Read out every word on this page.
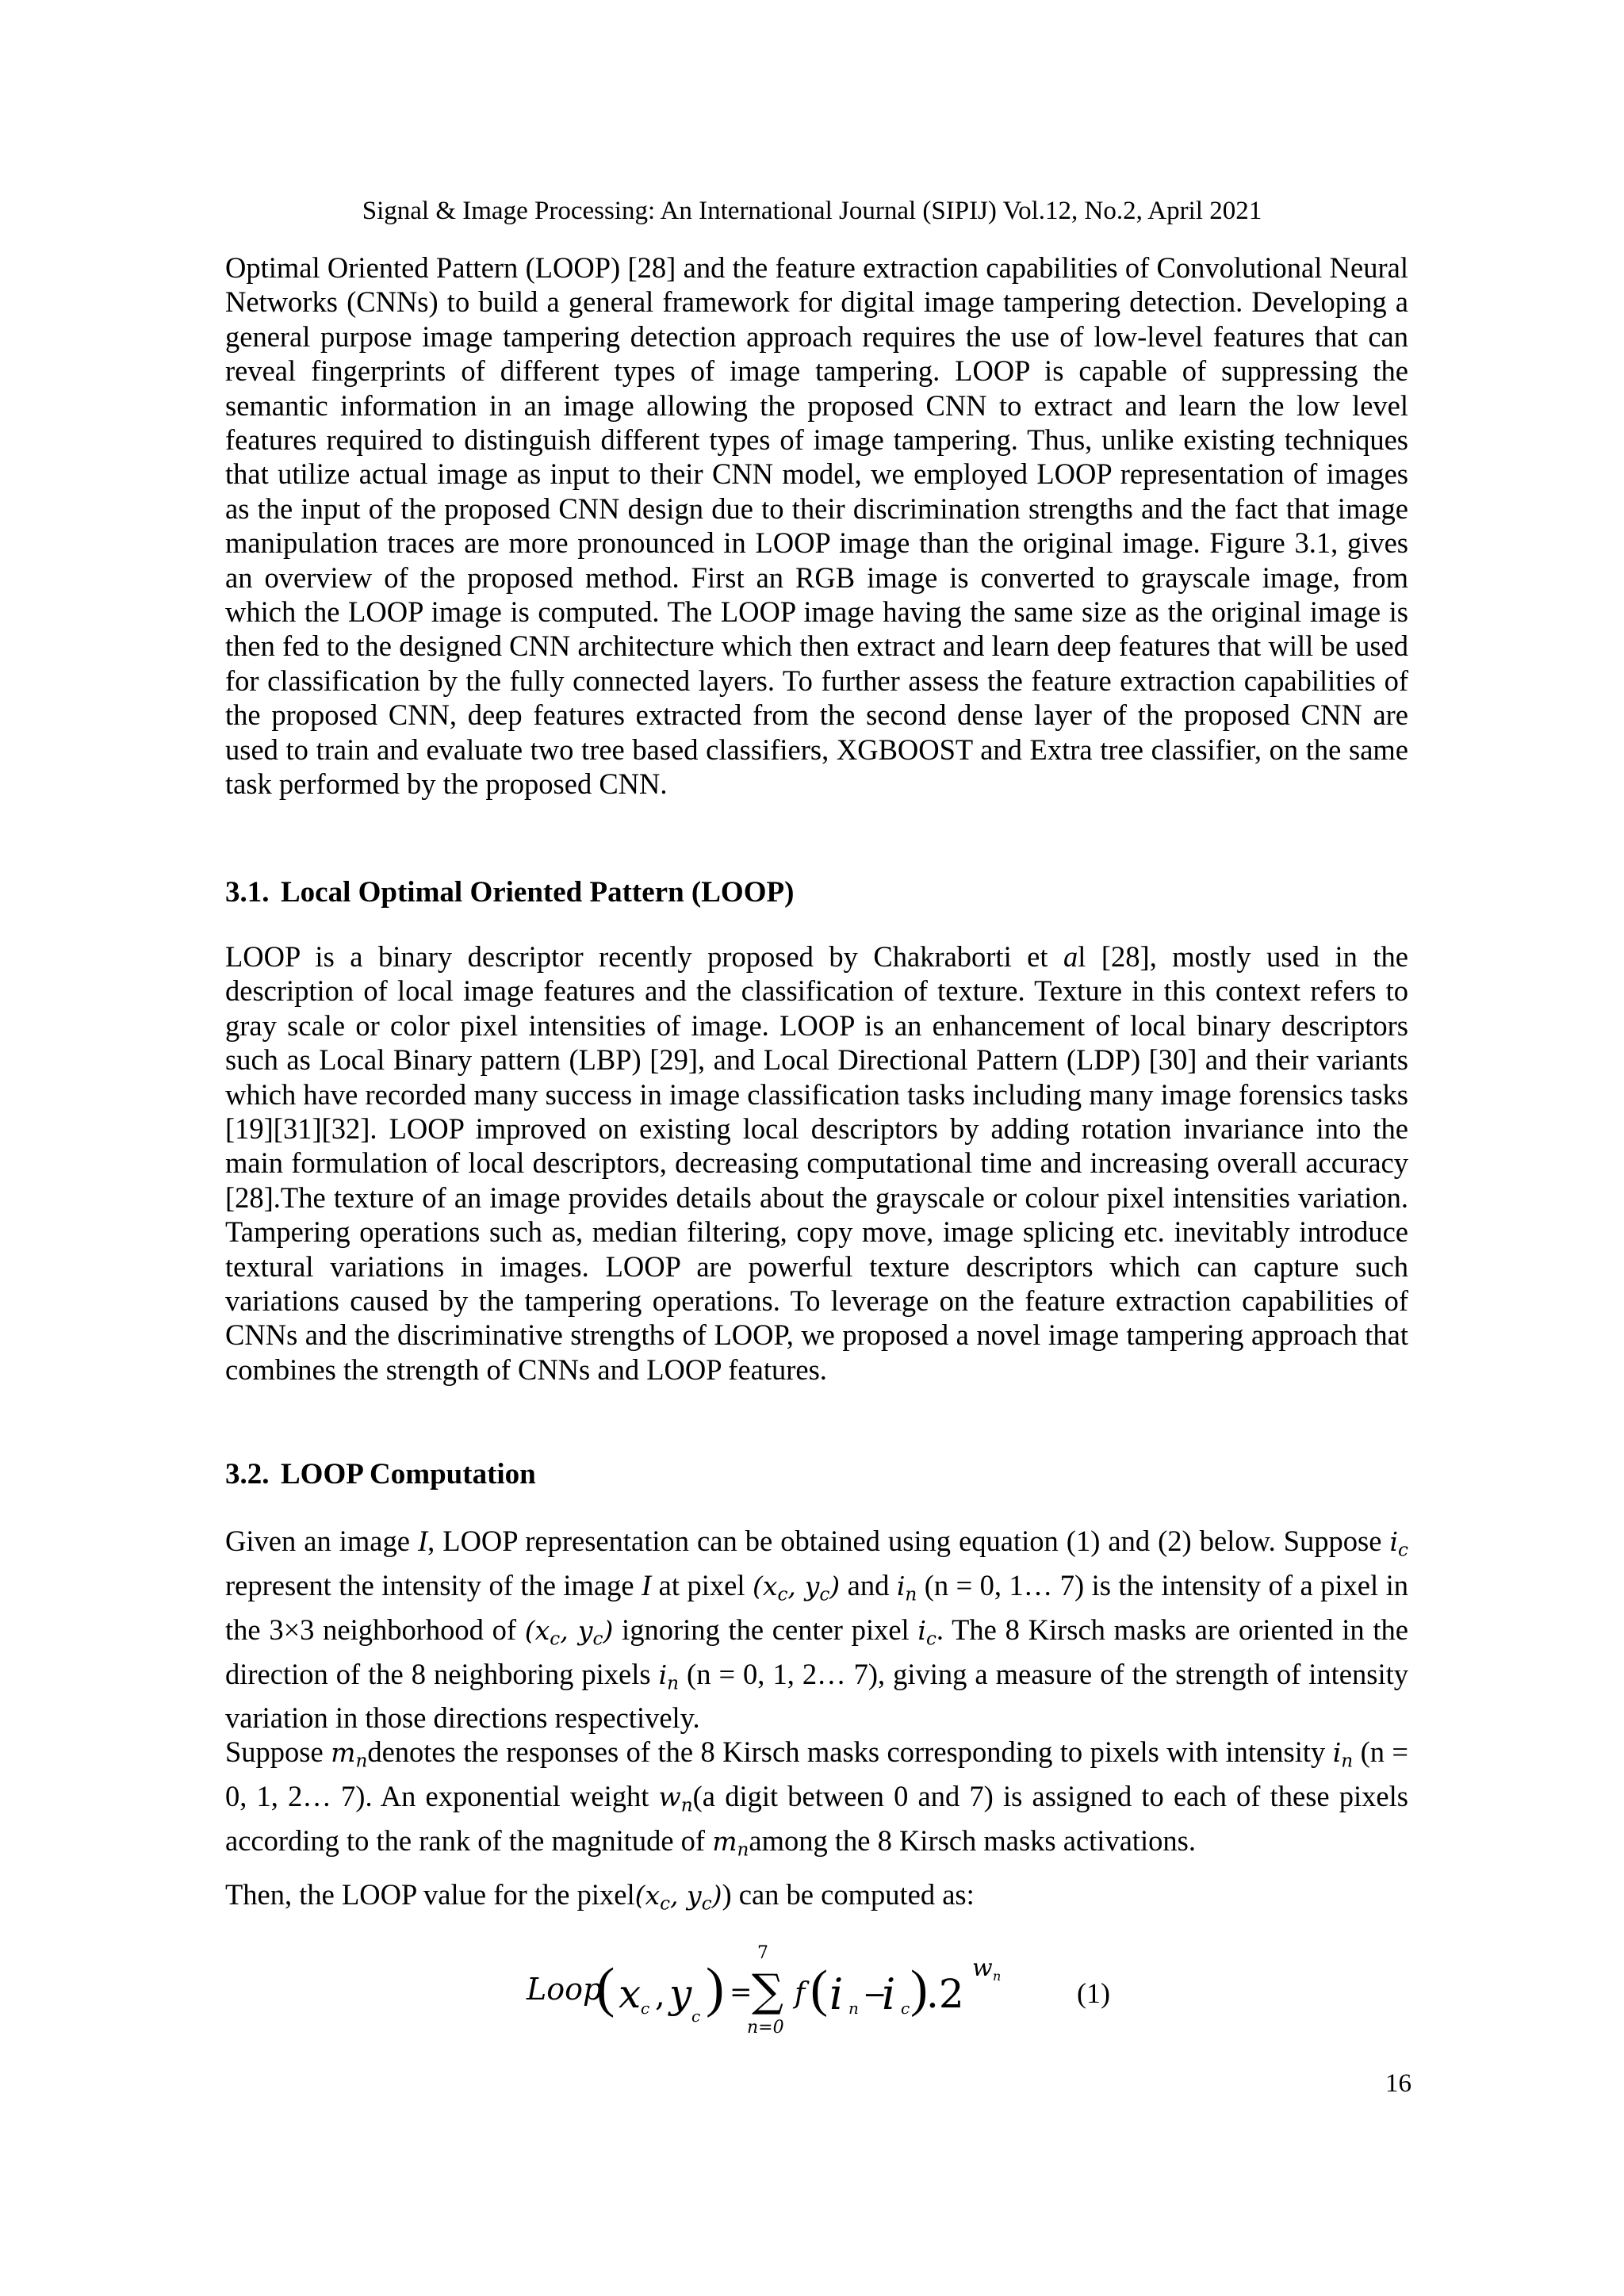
Signal & Image Processing: An International Journal (SIPIJ) Vol.12, No.2, April 2021

Optimal Oriented Pattern (LOOP) [28] and the feature extraction capabilities of Convolutional Neural Networks (CNNs) to build a general framework for digital image tampering detection. Developing a general purpose image tampering detection approach requires the use of low-level features that can reveal fingerprints of different types of image tampering. LOOP is capable of suppressing the semantic information in an image allowing the proposed CNN to extract and learn the low level features required to distinguish different types of image tampering. Thus, unlike existing techniques that utilize actual image as input to their CNN model, we employed LOOP representation of images as the input of the proposed CNN design due to their discrimination strengths and the fact that image manipulation traces are more pronounced in LOOP image than the original image. Figure 3.1, gives an overview of the proposed method. First an RGB image is converted to grayscale image, from which the LOOP image is computed. The LOOP image having the same size as the original image is then fed to the designed CNN architecture which then extract and learn deep features that will be used for classification by the fully connected layers. To further assess the feature extraction capabilities of the proposed CNN, deep features extracted from the second dense layer of the proposed CNN are used to train and evaluate two tree based classifiers, XGBOOST and Extra tree classifier, on the same task performed by the proposed CNN.

3.1. Local Optimal Oriented Pattern (LOOP)

LOOP is a binary descriptor recently proposed by Chakraborti et al [28], mostly used in the description of local image features and the classification of texture. Texture in this context refers to gray scale or color pixel intensities of image. LOOP is an enhancement of local binary descriptors such as Local Binary pattern (LBP) [29], and Local Directional Pattern (LDP) [30] and their variants which have recorded many success in image classification tasks including many image forensics tasks [19][31][32]. LOOP improved on existing local descriptors by adding rotation invariance into the main formulation of local descriptors, decreasing computational time and increasing overall accuracy [28].The texture of an image provides details about the grayscale or colour pixel intensities variation. Tampering operations such as, median filtering, copy move, image splicing etc. inevitably introduce textural variations in images. LOOP are powerful texture descriptors which can capture such variations caused by the tampering operations. To leverage on the feature extraction capabilities of CNNs and the discriminative strengths of LOOP, we proposed a novel image tampering approach that combines the strength of CNNs and LOOP features.

3.2. LOOP Computation

Given an image I, LOOP representation can be obtained using equation (1) and (2) below. Suppose $i_c$ represent the intensity of the image I at pixel ($x_c$, $y_c$) and $i_n$ (n = 0, 1… 7) is the intensity of a pixel in the 3×3 neighborhood of ($x_c$, $y_c$) ignoring the center pixel $i_c$. The 8 Kirsch masks are oriented in the direction of the 8 neighboring pixels $i_n$ (n = 0, 1, 2… 7), giving a measure of the strength of intensity variation in those directions respectively.

Suppose $m_ndenotes$ the responses of the 8 Kirsch masks corresponding to pixels with intensity $i_n$ (n = 0, 1, 2… 7). An exponential weight $w_n(a$ digit between 0 and 7) is assigned to each of these pixels according to the rank of the magnitude of $m_namong$ the 8 Kirsch masks activations.

Then, the LOOP value for the $pixel(x_c$, $y_c$)) can be computed as:

Loop
( x c , y c ) =
7
∑
n=0
f ( i n −
i c )
.2
w n
(1)
16
